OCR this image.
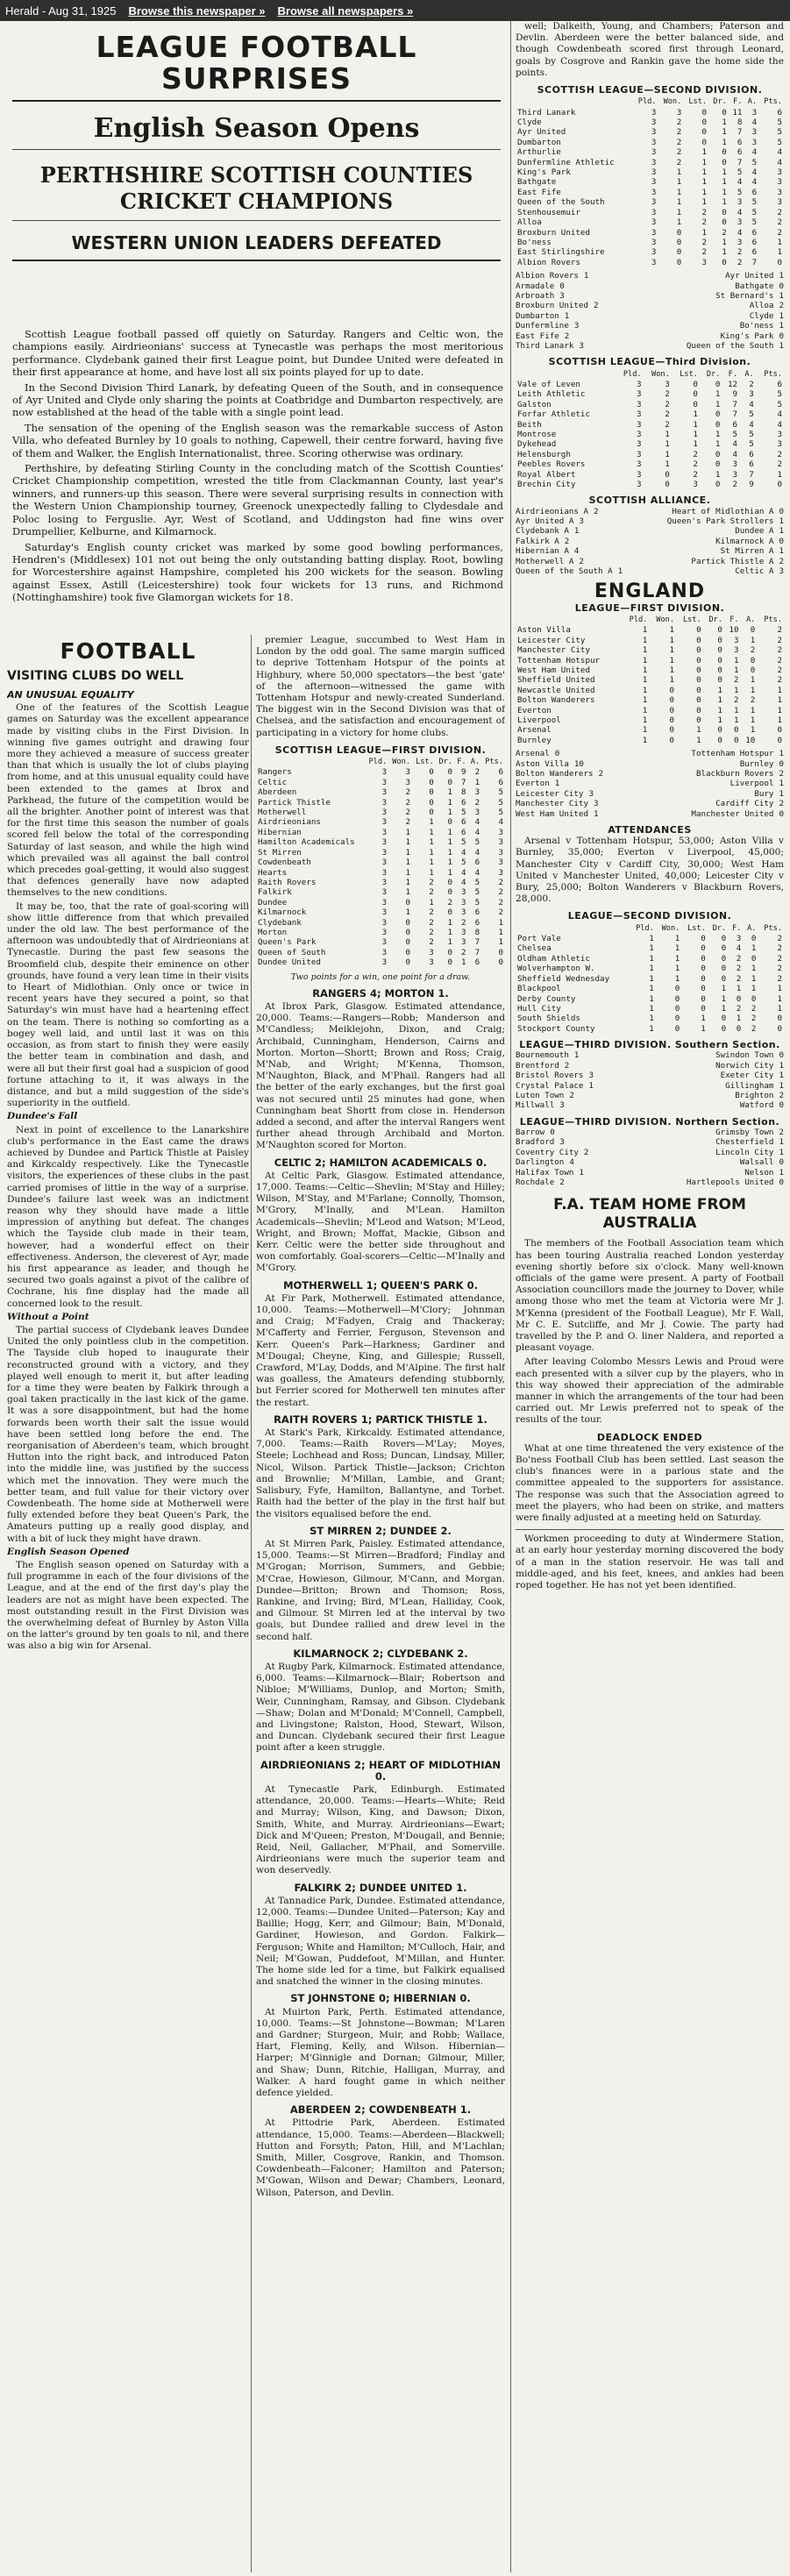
Herald - Aug 31, 1925 Browse this newspaper » Browse all newspapers »
LEAGUE FOOTBALL SURPRISES
English Season Opens
PERTHSHIRE SCOTTISH COUNTIES CRICKET CHAMPIONS
WESTERN UNION LEADERS DEFEATED

Scottish League football passed off quietly on Saturday. Rangers and Celtic won, the champions easily. Airdrieonians' success at Tynecastle was perhaps the most meritorious performance. Clydebank gained their first League point, but Dundee United were defeated in their first appearance at home, and have lost all six points played for up to date.

In the Second Division Third Lanark, by defeating Queen of the South, and in consequence of Ayr United and Clyde only sharing the points at Coatbridge and Dumbarton respectively, are now established at the head of the table with a single point lead.

The sensation of the opening of the English season was the remarkable success of Aston Villa, who defeated Burnley by 10 goals to nothing, Capewell, their centre forward, having five of them and Walker, the English Internationalist, three. Scoring otherwise was ordinary.

Perthshire, by defeating Stirling County in the concluding match of the Scottish Counties' Cricket Championship competition, wrested the title from Clackmannan County, last year's winners, and runners-up this season. There were several surprising results in connection with the Western Union Championship tourney, Greenock unexpectedly falling to Clydesdale and Poloc losing to Ferguslie. Ayr, West of Scotland, and Uddingston had fine wins over Drumpellier, Kelburne, and Kilmarnock.

Saturday's English county cricket was marked by some good bowling performances, Hendren's (Middlesex) 101 not out being the only outstanding batting display. Root, bowling for Worcestershire against Hampshire, completed his 200 wickets for the season. Bowling against Essex, Astill (Leicestershire) took four wickets for 13 runs, and Richmond (Nottinghamshire) took five Glamorgan wickets for 18.

FOOTBALL
VISITING CLUBS DO WELL
AN UNUSUAL EQUALITY

One of the features of the Scottish League games on Saturday was the excellent appearance made by visiting clubs in the First Division. In winning five games outright and drawing four more they achieved a measure of success greater than that which is usually the lot of clubs playing from home, and at this unusual equality could have been extended to the games at Ibrox and Parkhead, the future of the competition would be all the brighter. Another point of interest was that for the first time this season the number of goals scored fell below the total of the corresponding Saturday of last season, and while the high wind which prevailed was all against the ball control which precedes goal-getting, it would also suggest that defences generally have now adapted themselves to the new conditions.

It may be, too, that the rate of goal-scoring will show little difference from that which prevailed under the old law. The best performance of the afternoon was undoubtedly that of Airdrieonians at Tynecastle. During the past few seasons the Broomfield club, despite their eminence on other grounds, have found a very lean time in their visits to Heart of Midlothian. Only once or twice in recent years have they secured a point, so that Saturday's win must have had a heartening effect on the team. There is nothing so comforting as a bogey well laid, and until last it was on this occasion, as from start to finish they were easily the better team in combination and dash, and were all but their first goal had a suspicion of good fortune attaching to it, it was always in the distance, and but a mild suggestion of the side's superiority in the outfield.

Dundee's Fall

Next in point of excellence to the Lanarkshire club's performance in the East came the draws achieved by Dundee and Partick Thistle at Paisley and Kirkcaldy respectively. Like the Tynecastle visitors, the experiences of these clubs in the past carried promises of little in the way of a surprise. Dundee's failure last week was an indictment reason why they should have made a little impression of anything but defeat. The changes which the Tayside club made in their team, however, had a wonderful effect on their effectiveness. Anderson, the cleverest of Ayr, made his first appearance as leader, and though he secured two goals against a pivot of the calibre of Cochrane, his fine display had the made all concerned look to the result.

Without a Point

The partial success of Clydebank leaves Dundee United the only pointless club in the competition. The Tayside club hoped to inaugurate their reconstructed ground with a victory, and they played well enough to merit it, but after leading for a time they were beaten by Falkirk through a goal taken practically in the last kick of the game. It was a sore disappointment, but had the home forwards been worth their salt the issue would have been settled long before the end. The reorganisation of Aberdeen's team, which brought Hutton into the right back, and introduced Paton into the middle line, was justified by the success which met the innovation. They were much the better team, and full value for their victory over Cowdenbeath. The home side at Motherwell were fully extended before they beat Queen's Park, the Amateurs putting up a really good display, and with a bit of luck they might have drawn.

English Season Opened

The English season opened on Saturday with a full programme in each of the four divisions of the League, and at the end of the first day's play the leaders are not as might have been expected. The most outstanding result in the First Division was the overwhelming defeat of Burnley by Aston Villa on the latter's ground by ten goals to nil, and there was also a big win for Arsenal.

premier League, succumbed to West Ham in London by the odd goal. The same margin sufficed to deprive Tottenham Hotspur of the points at Highbury, where 50,000 spectators—the best 'gate' of the afternoon—witnessed the game with Tottenham Hotspur and newly-created Sunderland. The biggest win in the Second Division was that of Chelsea, and the satisfaction and encouragement of participating in a victory for home clubs.

SCOTTISH LEAGUE—FIRST DIVISION.
	Pld.	Won.	Lst.	Dr.	F.	A.	Pts.
Rangers	3	3	0	0	9	2	6
Celtic	3	3	0	0	7	1	6
Aberdeen	3	2	0	1	8	3	5
Partick Thistle	3	2	0	1	6	2	5
Motherwell	3	2	0	1	5	3	5
Airdrieonians	3	2	1	0	6	4	4
Hibernian	3	1	1	1	6	4	3
Hamilton Academicals	3	1	1	1	5	5	3
St Mirren	3	1	1	1	4	4	3
Cowdenbeath	3	1	1	1	5	6	3
Hearts	3	1	1	1	4	4	3
Raith Rovers	3	1	2	0	4	5	2
Falkirk	3	1	2	0	3	5	2
Dundee	3	0	1	2	3	5	2
Kilmarnock	3	1	2	0	3	6	2
Clydebank	3	0	2	1	2	6	1
Morton	3	0	2	1	3	8	1
Queen's Park	3	0	2	1	3	7	1
Queen of South	3	0	3	0	2	7	0
Dundee United	3	0	3	0	1	6	0
Two points for a win, one point for a draw.
RANGERS 4; MORTON 1.

At Ibrox Park, Glasgow. Estimated attendance, 20,000. Teams:—Rangers—Robb; Manderson and M'Candless; Meiklejohn, Dixon, and Craig; Archibald, Cunningham, Henderson, Cairns and Morton. Morton—Shortt; Brown and Ross; Craig, M'Nab, and Wright; M'Kenna, Thomson, M'Naughton, Black, and M'Phail. Rangers had all the better of the early exchanges, but the first goal was not secured until 25 minutes had gone, when Cunningham beat Shortt from close in. Henderson added a second, and after the interval Rangers went further ahead through Archibald and Morton. M'Naughton scored for Morton.

CELTIC 2; HAMILTON ACADEMICALS 0.

At Celtic Park, Glasgow. Estimated attendance, 17,000. Teams:—Celtic—Shevlin; M'Stay and Hilley; Wilson, M'Stay, and M'Farlane; Connolly, Thomson, M'Grory, M'Inally, and M'Lean. Hamilton Academicals—Shevlin; M'Leod and Watson; M'Leod, Wright, and Brown; Moffat, Mackie, Gibson and Kerr. Celtic were the better side throughout and won comfortably. Goal-scorers—Celtic—M'Inally and M'Grory.

MOTHERWELL 1; QUEEN'S PARK 0.

At Fir Park, Motherwell. Estimated attendance, 10,000. Teams:—Motherwell—M'Clory; Johnman and Craig; M'Fadyen, Craig and Thackeray; M'Cafferty and Ferrier, Ferguson, Stevenson and Kerr. Queen's Park—Harkness; Gardiner and M'Dougal; Cheyne, King, and Gillespie; Russell, Crawford, M'Lay, Dodds, and M'Alpine. The first half was goalless, the Amateurs defending stubbornly, but Ferrier scored for Motherwell ten minutes after the restart.

RAITH ROVERS 1; PARTICK THISTLE 1.

At Stark's Park, Kirkcaldy. Estimated attendance, 7,000. Teams:—Raith Rovers—M'Lay; Moyes, Steele; Lochhead and Ross; Duncan, Lindsay, Miller, Nicol, Wilson. Partick Thistle—Jackson; Crichton and Brownlie; M'Millan, Lambie, and Grant; Salisbury, Fyfe, Hamilton, Ballantyne, and Torbet. Raith had the better of the play in the first half but the visitors equalised before the end.

ST MIRREN 2; DUNDEE 2.

At St Mirren Park, Paisley. Estimated attendance, 15,000. Teams:—St Mirren—Bradford; Findlay and M'Grogan; Morrison, Summers, and Gebbie; M'Crae, Howieson, Gilmour, M'Cann, and Morgan. Dundee—Britton; Brown and Thomson; Ross, Rankine, and Irving; Bird, M'Lean, Halliday, Cook, and Gilmour. St Mirren led at the interval by two goals, but Dundee rallied and drew level in the second half.

KILMARNOCK 2; CLYDEBANK 2.

At Rugby Park, Kilmarnock. Estimated attendance, 6,000. Teams:—Kilmarnock—Blair; Robertson and Nibloe; M'Williams, Dunlop, and Morton; Smith, Weir, Cunningham, Ramsay, and Gibson. Clydebank—Shaw; Dolan and M'Donald; M'Connell, Campbell, and Livingstone; Ralston, Hood, Stewart, Wilson, and Duncan. Clydebank secured their first League point after a keen struggle.

AIRDRIEONIANS 2; HEART OF MIDLOTHIAN 0.

At Tynecastle Park, Edinburgh. Estimated attendance, 20,000. Teams:—Hearts—White; Reid and Murray; Wilson, King, and Dawson; Dixon, Smith, White, and Murray. Airdrieonians—Ewart; Dick and M'Queen; Preston, M'Dougall, and Bennie; Reid, Neil, Gallacher, M'Phail, and Somerville. Airdrieonians were much the superior team and won deservedly.

FALKIRK 2; DUNDEE UNITED 1.

At Tannadice Park, Dundee. Estimated attendance, 12,000. Teams:—Dundee United—Paterson; Kay and Baillie; Hogg, Kerr, and Gilmour; Bain, M'Donald, Gardiner, Howieson, and Gordon. Falkirk—Ferguson; White and Hamilton; M'Culloch, Hair, and Neil; M'Gowan, Puddefoot, M'Millan, and Hunter. The home side led for a time, but Falkirk equalised and snatched the winner in the closing minutes.

ST JOHNSTONE 0; HIBERNIAN 0.

At Muirton Park, Perth. Estimated attendance, 10,000. Teams:—St Johnstone—Bowman; M'Laren and Gardner; Sturgeon, Muir, and Robb; Wallace, Hart, Fleming, Kelly, and Wilson. Hibernian—Harper; M'Ginnigle and Dornan; Gilmour, Miller, and Shaw; Dunn, Ritchie, Halligan, Murray, and Walker. A hard fought game in which neither defence yielded.

ABERDEEN 2; COWDENBEATH 1.

At Pittodrie Park, Aberdeen. Estimated attendance, 15,000. Teams:—Aberdeen—Blackwell; Hutton and Forsyth; Paton, Hill, and M'Lachlan; Smith, Miller, Cosgrove, Rankin, and Thomson. Cowdenbeath—Falconer; Hamilton and Paterson; M'Gowan, Wilson and Dewar; Chambers, Leonard, Wilson, Paterson, and Devlin.

well; Dalkeith, Young, and Chambers; Paterson and Devlin. Aberdeen were the better balanced side, and though Cowdenbeath scored first through Leonard, goals by Cosgrove and Rankin gave the home side the points.

SCOTTISH LEAGUE—SECOND DIVISION.
	Pld.	Won.	Lst.	Dr.	F.	A.	Pts.
Third Lanark	3	3	0	0	11	3	6
Clyde	3	2	0	1	8	4	5
Ayr United	3	2	0	1	7	3	5
Dumbarton	3	2	0	1	6	3	5
Arthurlie	3	2	1	0	6	4	4
Dunfermline Athletic	3	2	1	0	7	5	4
King's Park	3	1	1	1	5	4	3
Bathgate	3	1	1	1	4	4	3
East Fife	3	1	1	1	5	6	3
Queen of the South	3	1	1	1	3	5	3
Stenhousemuir	3	1	2	0	4	5	2
Alloa	3	1	2	0	3	5	2
Broxburn United	3	0	1	2	4	6	2
Bo'ness	3	0	2	1	3	6	1
East Stirlingshire	3	0	2	1	2	6	1
Albion Rovers	3	0	3	0	2	7	0
Albion Rovers 1	Ayr United 1
Armadale 0	Bathgate 0
Arbroath 3	St Bernard's 1
Broxburn United 2	Alloa 2
Dumbarton 1	Clyde 1
Dunfermline 3	Bo'ness 1
East Fife 2	King's Park 0
Third Lanark 3	Queen of the South 1
SCOTTISH LEAGUE—Third Division.
	Pld.	Won.	Lst.	Dr.	F.	A.	Pts.
Vale of Leven	3	3	0	0	12	2	6
Leith Athletic	3	2	0	1	9	3	5
Galston	3	2	0	1	7	4	5
Forfar Athletic	3	2	1	0	7	5	4
Beith	3	2	1	0	6	4	4
Montrose	3	1	1	1	5	5	3
Dykehead	3	1	1	1	4	5	3
Helensburgh	3	1	2	0	4	6	2
Peebles Rovers	3	1	2	0	3	6	2
Royal Albert	3	0	2	1	3	7	1
Brechin City	3	0	3	0	2	9	0
SCOTTISH ALLIANCE.
Airdrieonians A 2	Heart of Midlothian A 0
Ayr United A 3	Queen's Park Strollers 1
Clydebank A 1	Dundee A 1
Falkirk A 2	Kilmarnock A 0
Hibernian A 4	St Mirren A 1
Motherwell A 2	Partick Thistle A 2
Queen of the South A 1	Celtic A 3
ENGLAND
LEAGUE—FIRST DIVISION.
	Pld.	Won.	Lst.	Dr.	F.	A.	Pts.
Aston Villa	1	1	0	0	10	0	2
Leicester City	1	1	0	0	3	1	2
Manchester City	1	1	0	0	3	2	2
Tottenham Hotspur	1	1	0	0	1	0	2
West Ham United	1	1	0	0	1	0	2
Sheffield United	1	1	0	0	2	1	2
Newcastle United	1	0	0	1	1	1	1
Bolton Wanderers	1	0	0	1	2	2	1
Everton	1	0	0	1	1	1	1
Liverpool	1	0	0	1	1	1	1
Arsenal	1	0	1	0	0	1	0
Burnley	1	0	1	0	0	10	0
Arsenal 0	Tottenham Hotspur 1
Aston Villa 10	Burnley 0
Bolton Wanderers 2	Blackburn Rovers 2
Everton 1	Liverpool 1
Leicester City 3	Bury 1
Manchester City 3	Cardiff City 2
West Ham United 1	Manchester United 0
ATTENDANCES

Arsenal v Tottenham Hotspur, 53,000; Aston Villa v Burnley, 35,000; Everton v Liverpool, 45,000; Manchester City v Cardiff City, 30,000; West Ham United v Manchester United, 40,000; Leicester City v Bury, 25,000; Bolton Wanderers v Blackburn Rovers, 28,000.

LEAGUE—SECOND DIVISION.
	Pld.	Won.	Lst.	Dr.	F.	A.	Pts.
Port Vale	1	1	0	0	3	0	2
Chelsea	1	1	0	0	4	1	2
Oldham Athletic	1	1	0	0	2	0	2
Wolverhampton W.	1	1	0	0	2	1	2
Sheffield Wednesday	1	1	0	0	2	1	2
Blackpool	1	0	0	1	1	1	1
Derby County	1	0	0	1	0	0	1
Hull City	1	0	0	1	2	2	1
South Shields	1	0	1	0	1	2	0
Stockport County	1	0	1	0	0	2	0
LEAGUE—THIRD DIVISION. Southern Section.
Bournemouth 1	Swindon Town 0
Brentford 2	Norwich City 1
Bristol Rovers 3	Exeter City 1
Crystal Palace 1	Gillingham 1
Luton Town 2	Brighton 2
Millwall 3	Watford 0
LEAGUE—THIRD DIVISION. Northern Section.
Barrow 0	Grimsby Town 2
Bradford 3	Chesterfield 1
Coventry City 2	Lincoln City 1
Darlington 4	Walsall 0
Halifax Town 1	Nelson 1
Rochdale 2	Hartlepools United 0
F.A. TEAM HOME FROM AUSTRALIA

The members of the Football Association team which has been touring Australia reached London yesterday evening shortly before six o'clock. Many well-known officials of the game were present. A party of Football Association councillors made the journey to Dover, while among those who met the team at Victoria were Mr J. M'Kenna (president of the Football League), Mr F. Wall, Mr C. E. Sutcliffe, and Mr J. Cowie. The party had travelled by the P. and O. liner Naldera, and reported a pleasant voyage.

After leaving Colombo Messrs Lewis and Proud were each presented with a silver cup by the players, who in this way showed their appreciation of the admirable manner in which the arrangements of the tour had been carried out. Mr Lewis preferred not to speak of the results of the tour.

DEADLOCK ENDED

What at one time threatened the very existence of the Bo'ness Football Club has been settled. Last season the club's finances were in a parlous state and the committee appealed to the supporters for assistance. The response was such that the Association agreed to meet the players, who had been on strike, and matters were finally adjusted at a meeting held on Saturday.

Workmen proceeding to duty at Windermere Station, at an early hour yesterday morning discovered the body of a man in the station reservoir. He was tall and middle-aged, and his feet, knees, and ankles had been roped together. He has not yet been identified.
